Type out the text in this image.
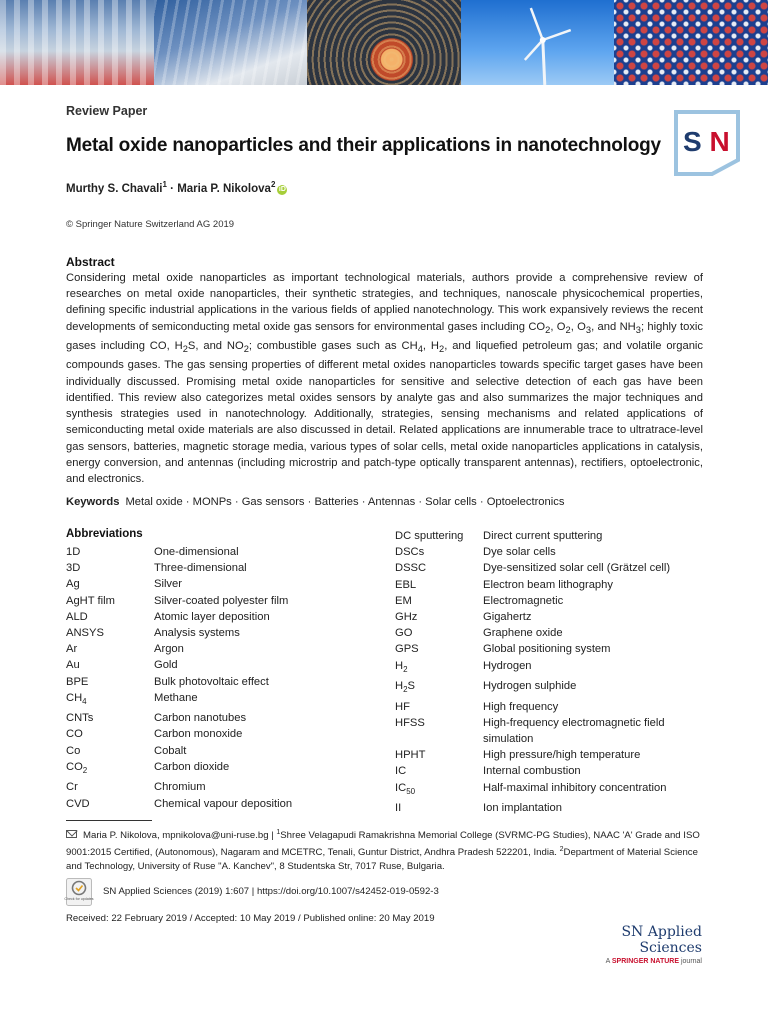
Review Paper
Metal oxide nanoparticles and their applications in nanotechnology
Murthy S. Chavali$^1$ · Maria P. Nikolova$^2$iD
© Springer Nature Switzerland AG 2019
S N
Abstract
Considering metal oxide nanoparticles as important technological materials, authors provide a comprehensive review of researches on metal oxide nanoparticles, their synthetic strategies, and techniques, nanoscale physicochemical properties, defining specific industrial applications in the various fields of applied nanotechnology. This work expansively reviews the recent developments of semiconducting metal oxide gas sensors for environmental gases including $CO_2$, $O_2$, $O_3$, and $NH_3$; highly toxic gases including CO, $H_2S$, and $NO_2$; combustible gases such as $CH_4$, $H_2$, and liquefied petroleum gas; and volatile organic compounds gases. The gas sensing properties of different metal oxides nanoparticles towards specific target gases have been individually discussed. Promising metal oxide nanoparticles for sensitive and selective detection of each gas have been identified. This review also categorizes metal oxides sensors by analyte gas and also summarizes the major techniques and synthesis strategies used in nanotechnology. Additionally, strategies, sensing mechanisms and related applications of semiconducting metal oxide materials are also discussed in detail. Related applications are innumerable trace to ultratrace-level gas sensors, batteries, magnetic storage media, various types of solar cells, metal oxide nanoparticles applications in catalysis, energy conversion, and antennas (including microstrip and patch-type optically transparent antennas), rectifiers, optoelectronic, and electronics.
Keywords Metal oxide · MONPs · Gas sensors · Batteries · Antennas · Solar cells · Optoelectronics
Abbreviations
1D	One-dimensional
3D	Three-dimensional
Ag	Silver
AgHT film	Silver-coated polyester film
ALD	Atomic layer deposition
ANSYS	Analysis systems
Ar	Argon
Au	Gold
BPE	Bulk photovoltaic effect
$CH_4$	Methane
CNTs	Carbon nanotubes
CO	Carbon monoxide
Co	Cobalt
$CO_2$	Carbon dioxide
Cr	Chromium
CVD	Chemical vapour deposition
DC sputtering	Direct current sputtering
DSCs	Dye solar cells
DSSC	Dye-sensitized solar cell (Grätzel cell)
EBL	Electron beam lithography
EM	Electromagnetic
GHz	Gigahertz
GO	Graphene oxide
GPS	Global positioning system
$H_2$	Hydrogen
$H_2S$	Hydrogen sulphide
HF	High frequency
HFSS	High-frequency electromagnetic field
simulation
HPHT	High pressure/high temperature
IC	Internal combustion
$IC_{50}$	Half-maximal inhibitory concentration
II	Ion implantation
Maria P. Nikolova, mpnikolova@uni-ruse.bg | $^1$Shree Velagapudi Ramakrishna Memorial College (SVRMC-PG Studies), NAAC 'A' Grade and ISO 9001:2015 Certified, (Autonomous), Nagaram and MCETRC, Tenali, Guntur District, Andhra Pradesh 522201, India. $^2$Department of Material Science and Technology, University of Ruse "A. Kanchev", 8 Studentska Str, 7017 Ruse, Bulgaria.
Check for updates
SN Applied Sciences (2019) 1:607 | https://doi.org/10.1007/s42452-019-0592-3
Received: 22 February 2019 / Accepted: 10 May 2019 / Published online: 20 May 2019
SN Applied Sciences
A SPRINGER NATURE journal
